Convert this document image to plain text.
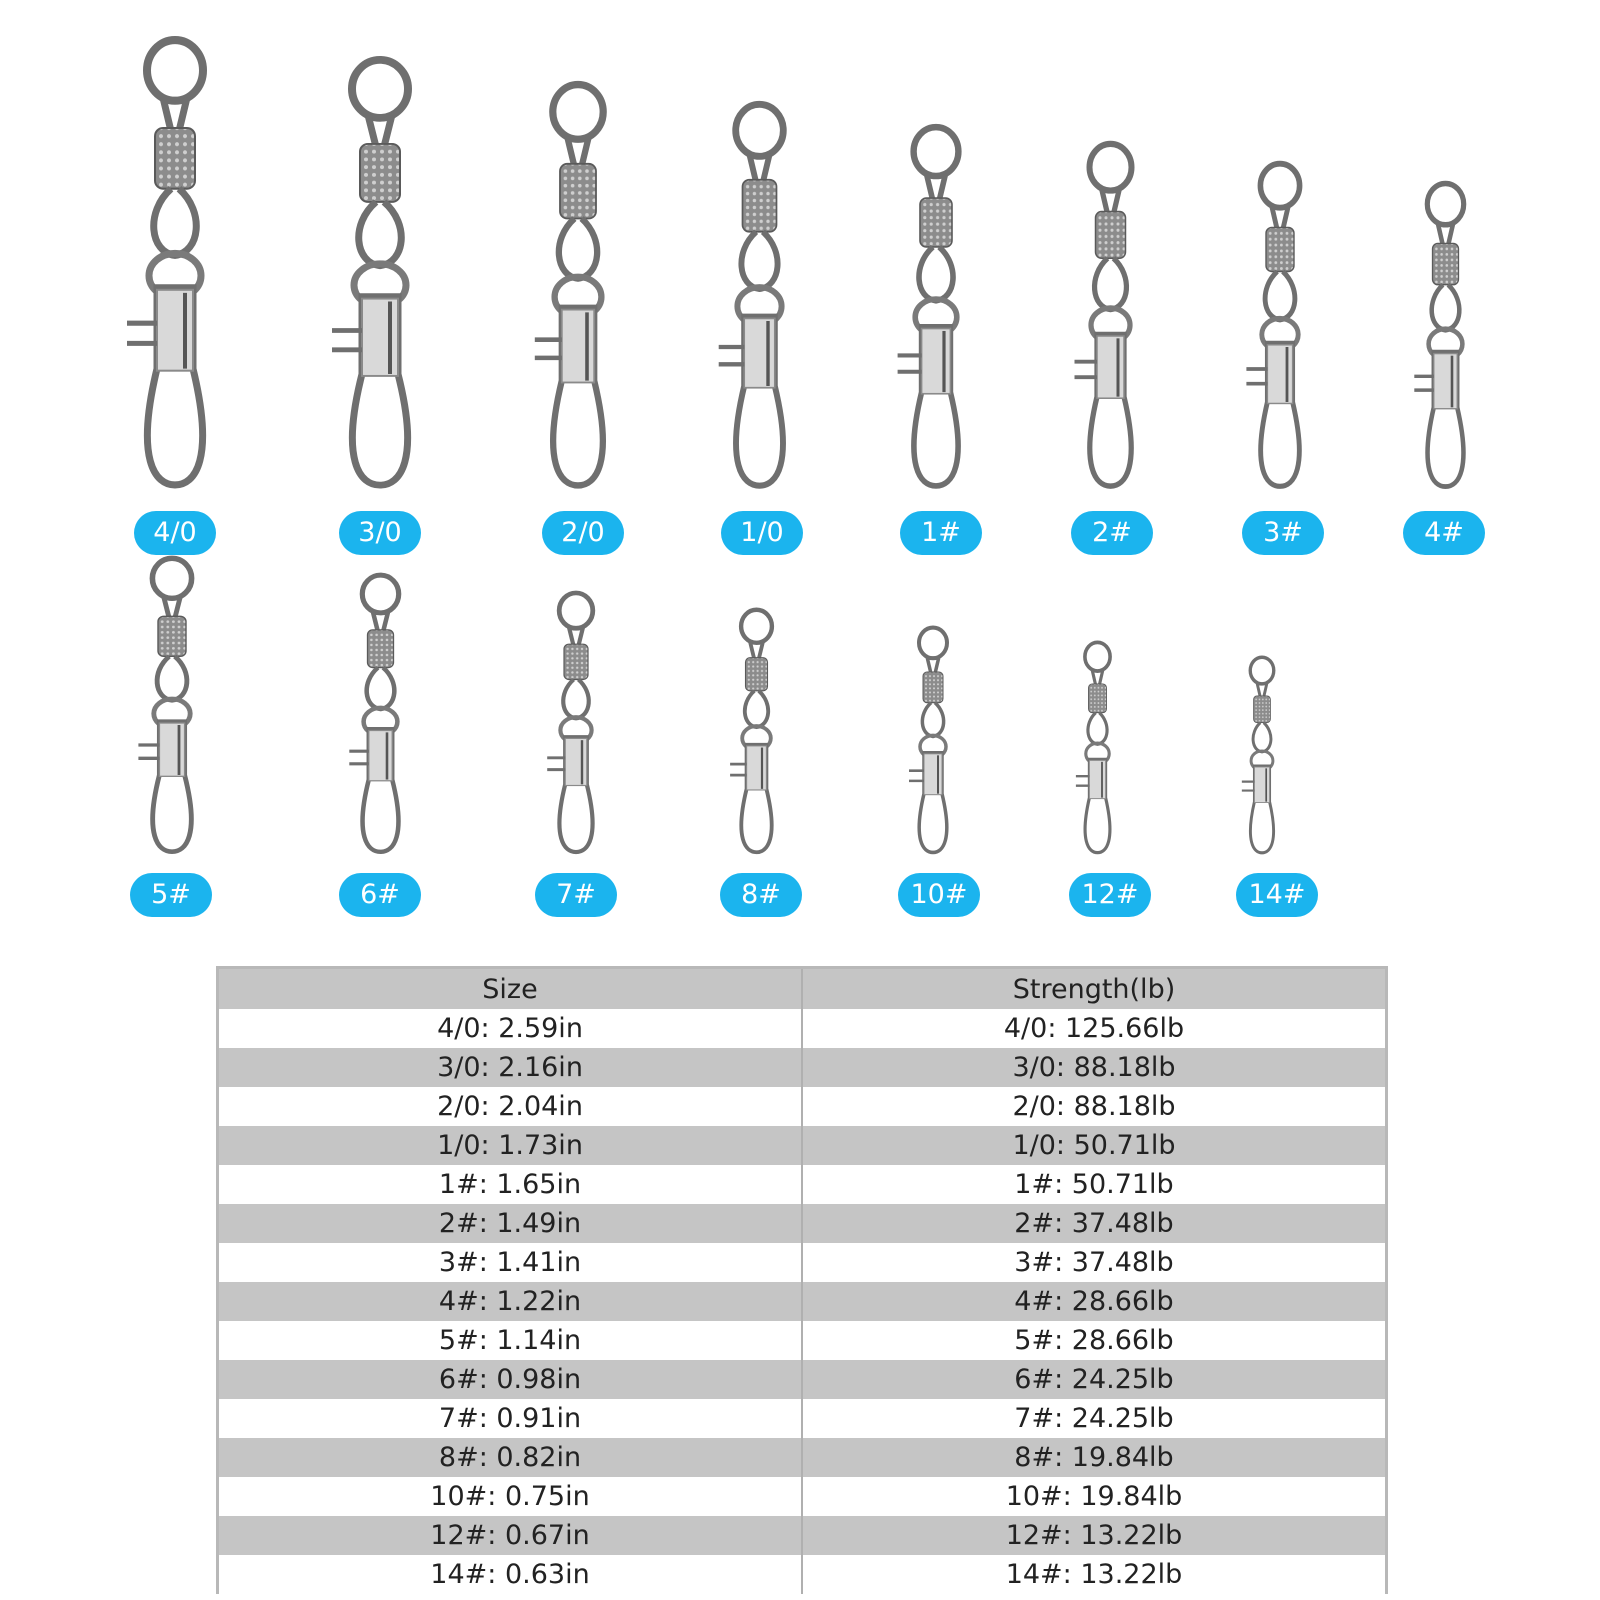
4/0	3/0	2/0	1/0	1#	2#	3#	4#
5#	6#	7#	8#	10#	12#	14#
Size	Strength(lb)
4/0: 2.59in	4/0: 125.66lb
3/0: 2.16in	3/0: 88.18lb
2/0: 2.04in	2/0: 88.18lb
1/0: 1.73in	1/0: 50.71lb
1#: 1.65in	1#: 50.71lb
2#: 1.49in	2#: 37.48lb
3#: 1.41in	3#: 37.48lb
4#: 1.22in	4#: 28.66lb
5#: 1.14in	5#: 28.66lb
6#: 0.98in	6#: 24.25lb
7#: 0.91in	7#: 24.25lb
8#: 0.82in	8#: 19.84lb
10#: 0.75in	10#: 19.84lb
12#: 0.67in	12#: 13.22lb
14#: 0.63in	14#: 13.22lb
